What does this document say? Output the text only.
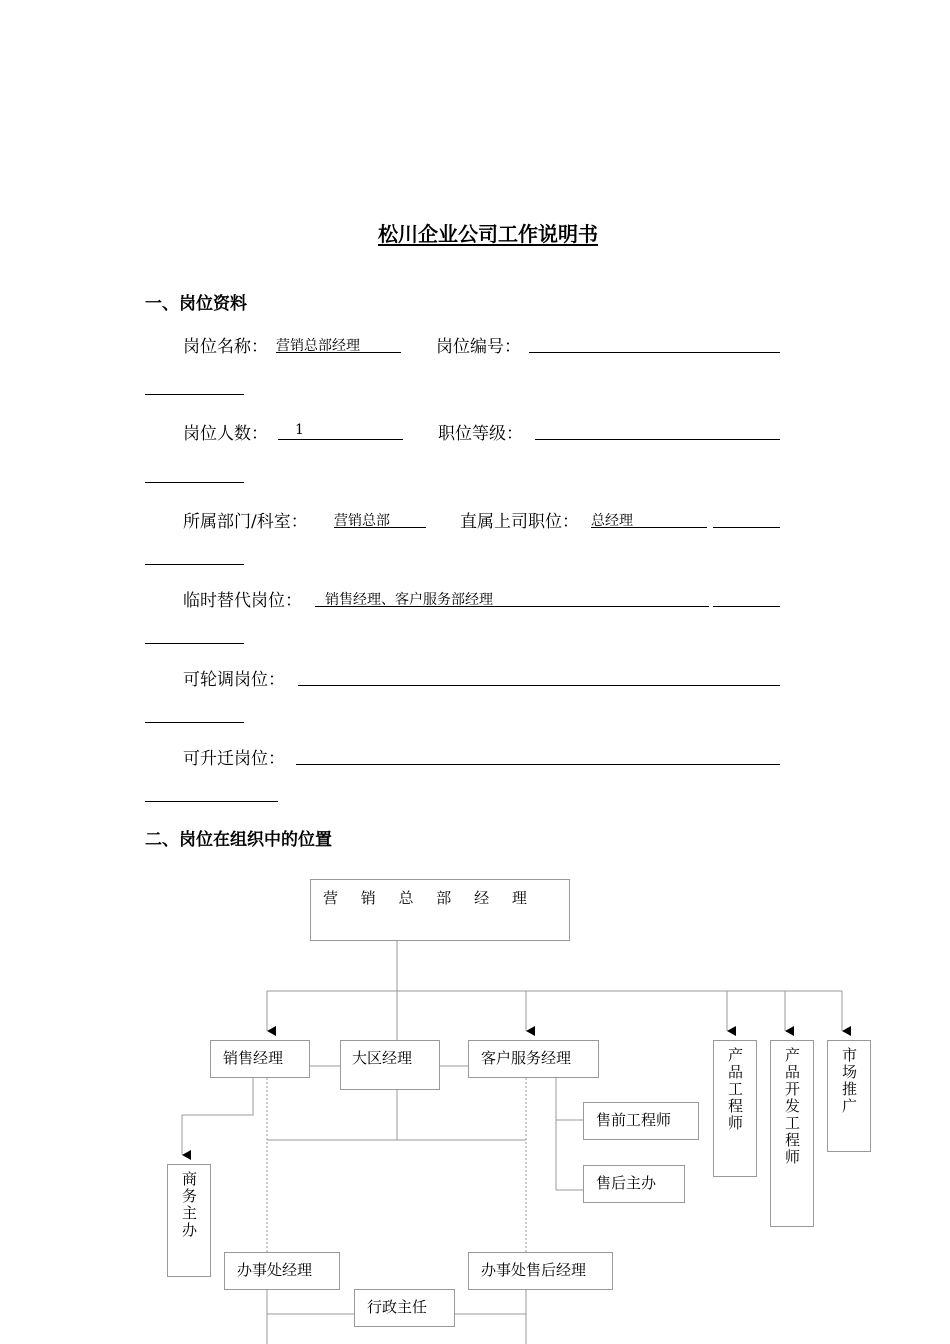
松川企业公司工作说明书
一、岗位资料
岗位名称： 营销总部经理	岗位编号：
岗位人数： 1	职位等级：
所属部门/科室： 营销总部	直属上司职位： 总经理
临时替代岗位： 销售经理、客户服务部经理
可轮调岗位：
可升迁岗位：
二、岗位在组织中的位置
营 销 总 部 经 理
销售经理	大区经理	客户服务经理	产品工程师	产品开发工程师	市场推广
售前工程师
售后主办
商务主办
办事处经理	办事处售后经理
行政主任
